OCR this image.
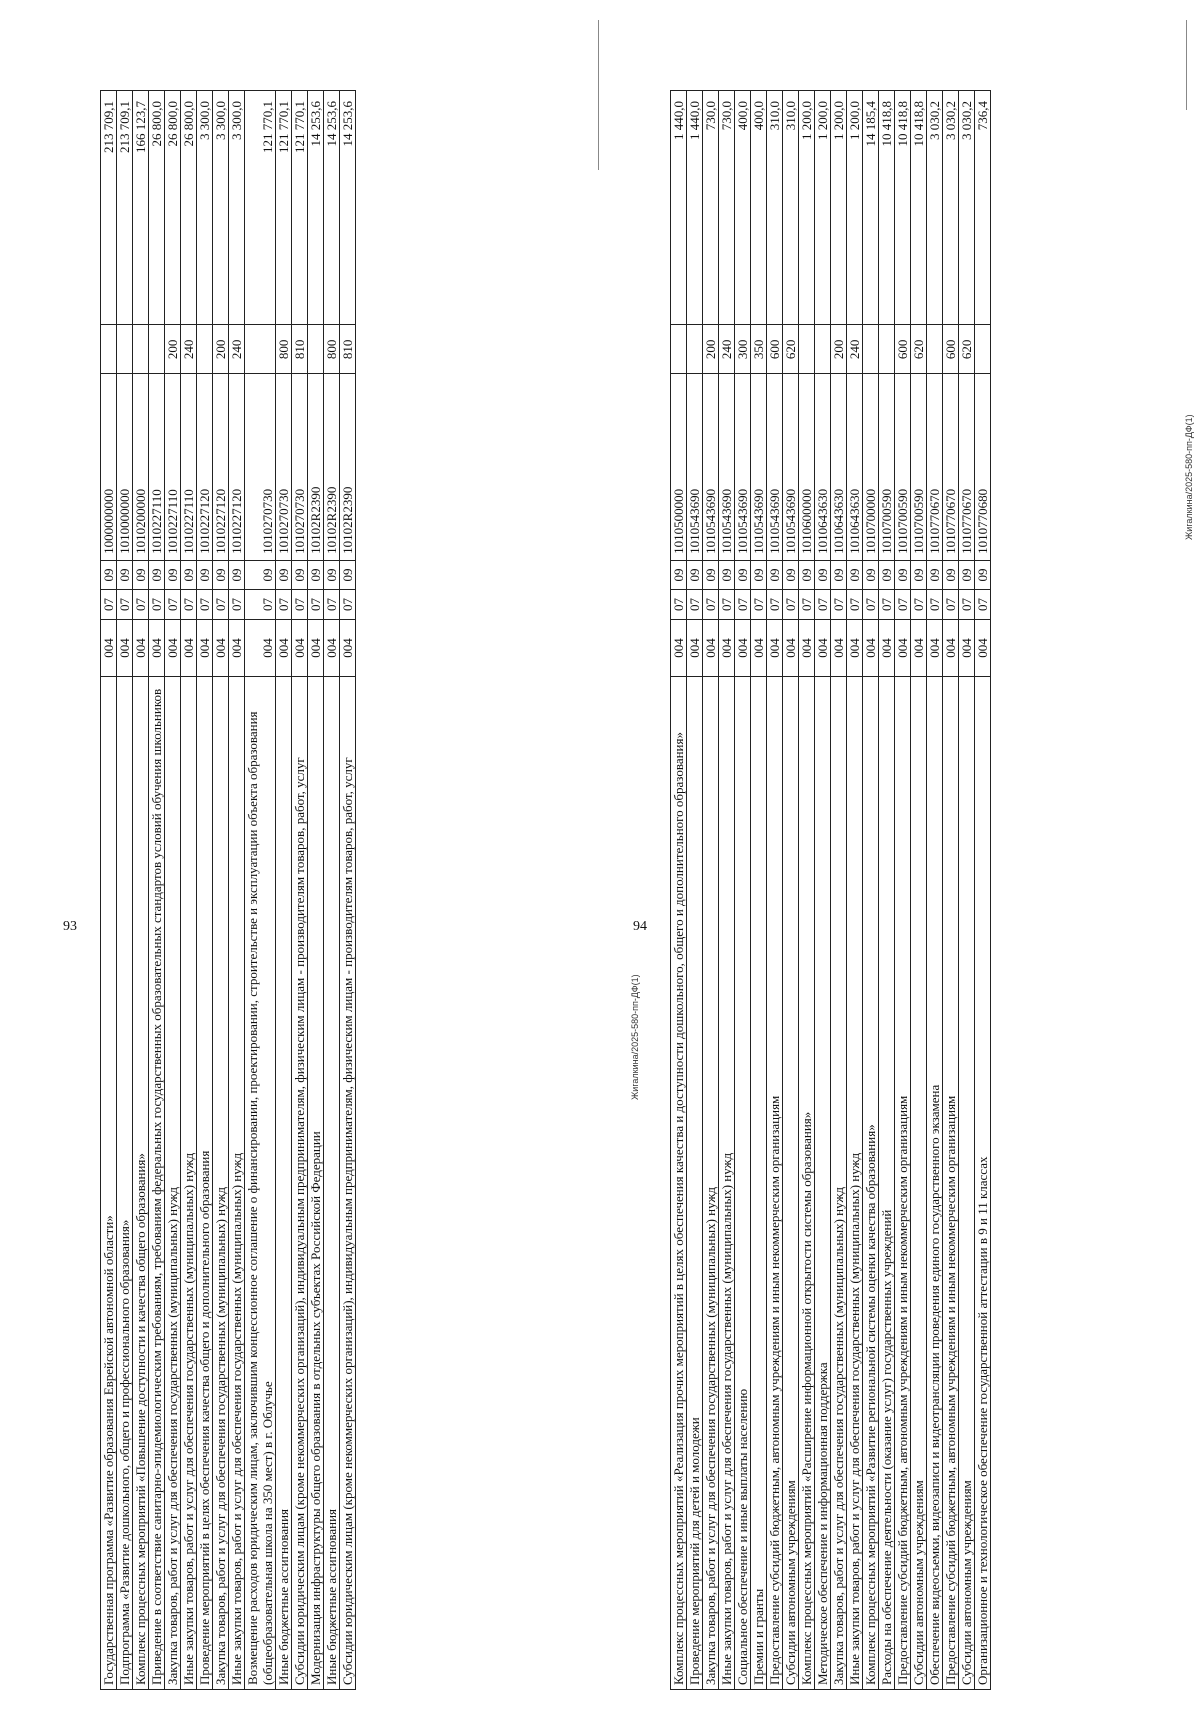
93
Государственная программа «Развитие образования Еврейской автономной области»	004	07	09	1000000000		213 709,1
Подпрограмма «Развитие дошкольного, общего и профессионального образования»	004	07	09	1010000000		213 709,1
Комплекс процессных мероприятий «Повышение доступности и качества общего образования»	004	07	09	1010200000		166 123,7
Приведение в соответствие санитарно-эпидемиологическим требованиям, требованиям федеральных государственных образовательных стандартов условий обучения школьников	004	07	09	1010227110		26 800,0
Закупка товаров, работ и услуг для обеспечения государственных (муниципальных) нужд	004	07	09	1010227110	200	26 800,0
Иные закупки товаров, работ и услуг для обеспечения государственных (муниципальных) нужд	004	07	09	1010227110	240	26 800,0
Проведение мероприятий в целях обеспечения качества общего и дополнительного образования	004	07	09	1010227120		3 300,0
Закупка товаров, работ и услуг для обеспечения государственных (муниципальных) нужд	004	07	09	1010227120	200	3 300,0
Иные закупки товаров, работ и услуг для обеспечения государственных (муниципальных) нужд	004	07	09	1010227120	240	3 300,0
Возмещение расходов юридическим лицам, заключившим концессионное соглашение о финансировании, проектировании, строительстве и эксплуатации объекта образования (общеобразовательная школа на 350 мест) в г. Облучье	004	07	09	1010270730		121 770,1
Иные бюджетные ассигнования	004	07	09	1010270730	800	121 770,1
Субсидии юридическим лицам (кроме некоммерческих организаций), индивидуальным предпринимателям, физическим лицам - производителям товаров, работ, услуг	004	07	09	1010270730	810	121 770,1
Модернизация инфраструктуры общего образования в отдельных субъектах Российской Федерации	004	07	09	10102R2390		14 253,6
Иные бюджетные ассигнования	004	07	09	10102R2390	800	14 253,6
Субсидии юридическим лицам (кроме некоммерческих организаций), индивидуальным предпринимателям, физическим лицам - производителям товаров, работ, услуг	004	07	09	10102R2390	810	14 253,6
94 Комплекс процессных мероприятий «Реализация прочих мероприятий в целях обеспечения качества и доступности дошкольного, общего и дополнительного образования»	004	07	09	1010500000		1 440,0
Проведение мероприятий для детей и молодежи	004	07	09	1010543690		1 440,0
Закупка товаров, работ и услуг для обеспечения государственных (муниципальных) нужд	004	07	09	1010543690	200	730,0
Иные закупки товаров, работ и услуг для обеспечения государственных (муниципальных) нужд	004	07	09	1010543690	240	730,0
Социальное обеспечение и иные выплаты населению	004	07	09	1010543690	300	400,0
Премии и гранты	004	07	09	1010543690	350	400,0
Предоставление субсидий бюджетным, автономным учреждениям и иным некоммерческим организациям	004	07	09	1010543690	600	310,0
Субсидии автономным учреждениям	004	07	09	1010543690	620	310,0
Комплекс процессных мероприятий «Расширение информационной открытости системы образования»	004	07	09	1010600000		1 200,0
Методическое обеспечение и информационная поддержка	004	07	09	1010643630		1 200,0
Закупка товаров, работ и услуг для обеспечения государственных (муниципальных) нужд	004	07	09	1010643630	200	1 200,0
Иные закупки товаров, работ и услуг для обеспечения государственных (муниципальных) нужд	004	07	09	1010643630	240	1 200,0
Комплекс процессных мероприятий «Развитие региональной системы оценки качества образования»	004	07	09	1010700000		14 185,4
Расходы на обеспечение деятельности (оказание услуг) государственных учреждений	004	07	09	1010700590		10 418,8
Предоставление субсидий бюджетным, автономным учреждениям и иным некоммерческим организациям	004	07	09	1010700590	600	10 418,8
Субсидии автономным учреждениям	004	07	09	1010700590	620	10 418,8
Обеспечение видеосъемки, видеозаписи и видеотрансляции проведения единого государственного экзамена	004	07	09	1010770670		3 030,2
Предоставление субсидий бюджетным, автономным учреждениям и иным некоммерческим организациям	004	07	09	1010770670	600	3 030,2
Субсидии автономным учреждениям	004	07	09	1010770670	620	3 030,2
Организационное и технологическое обеспечение государственной аттестации в 9 и 11 классах	004	07	09	1010770680		736,4
Жигалкина/2025-580-пп-ДФ(1)
Жигалкина/2025-580-пп-ДФ(1)
